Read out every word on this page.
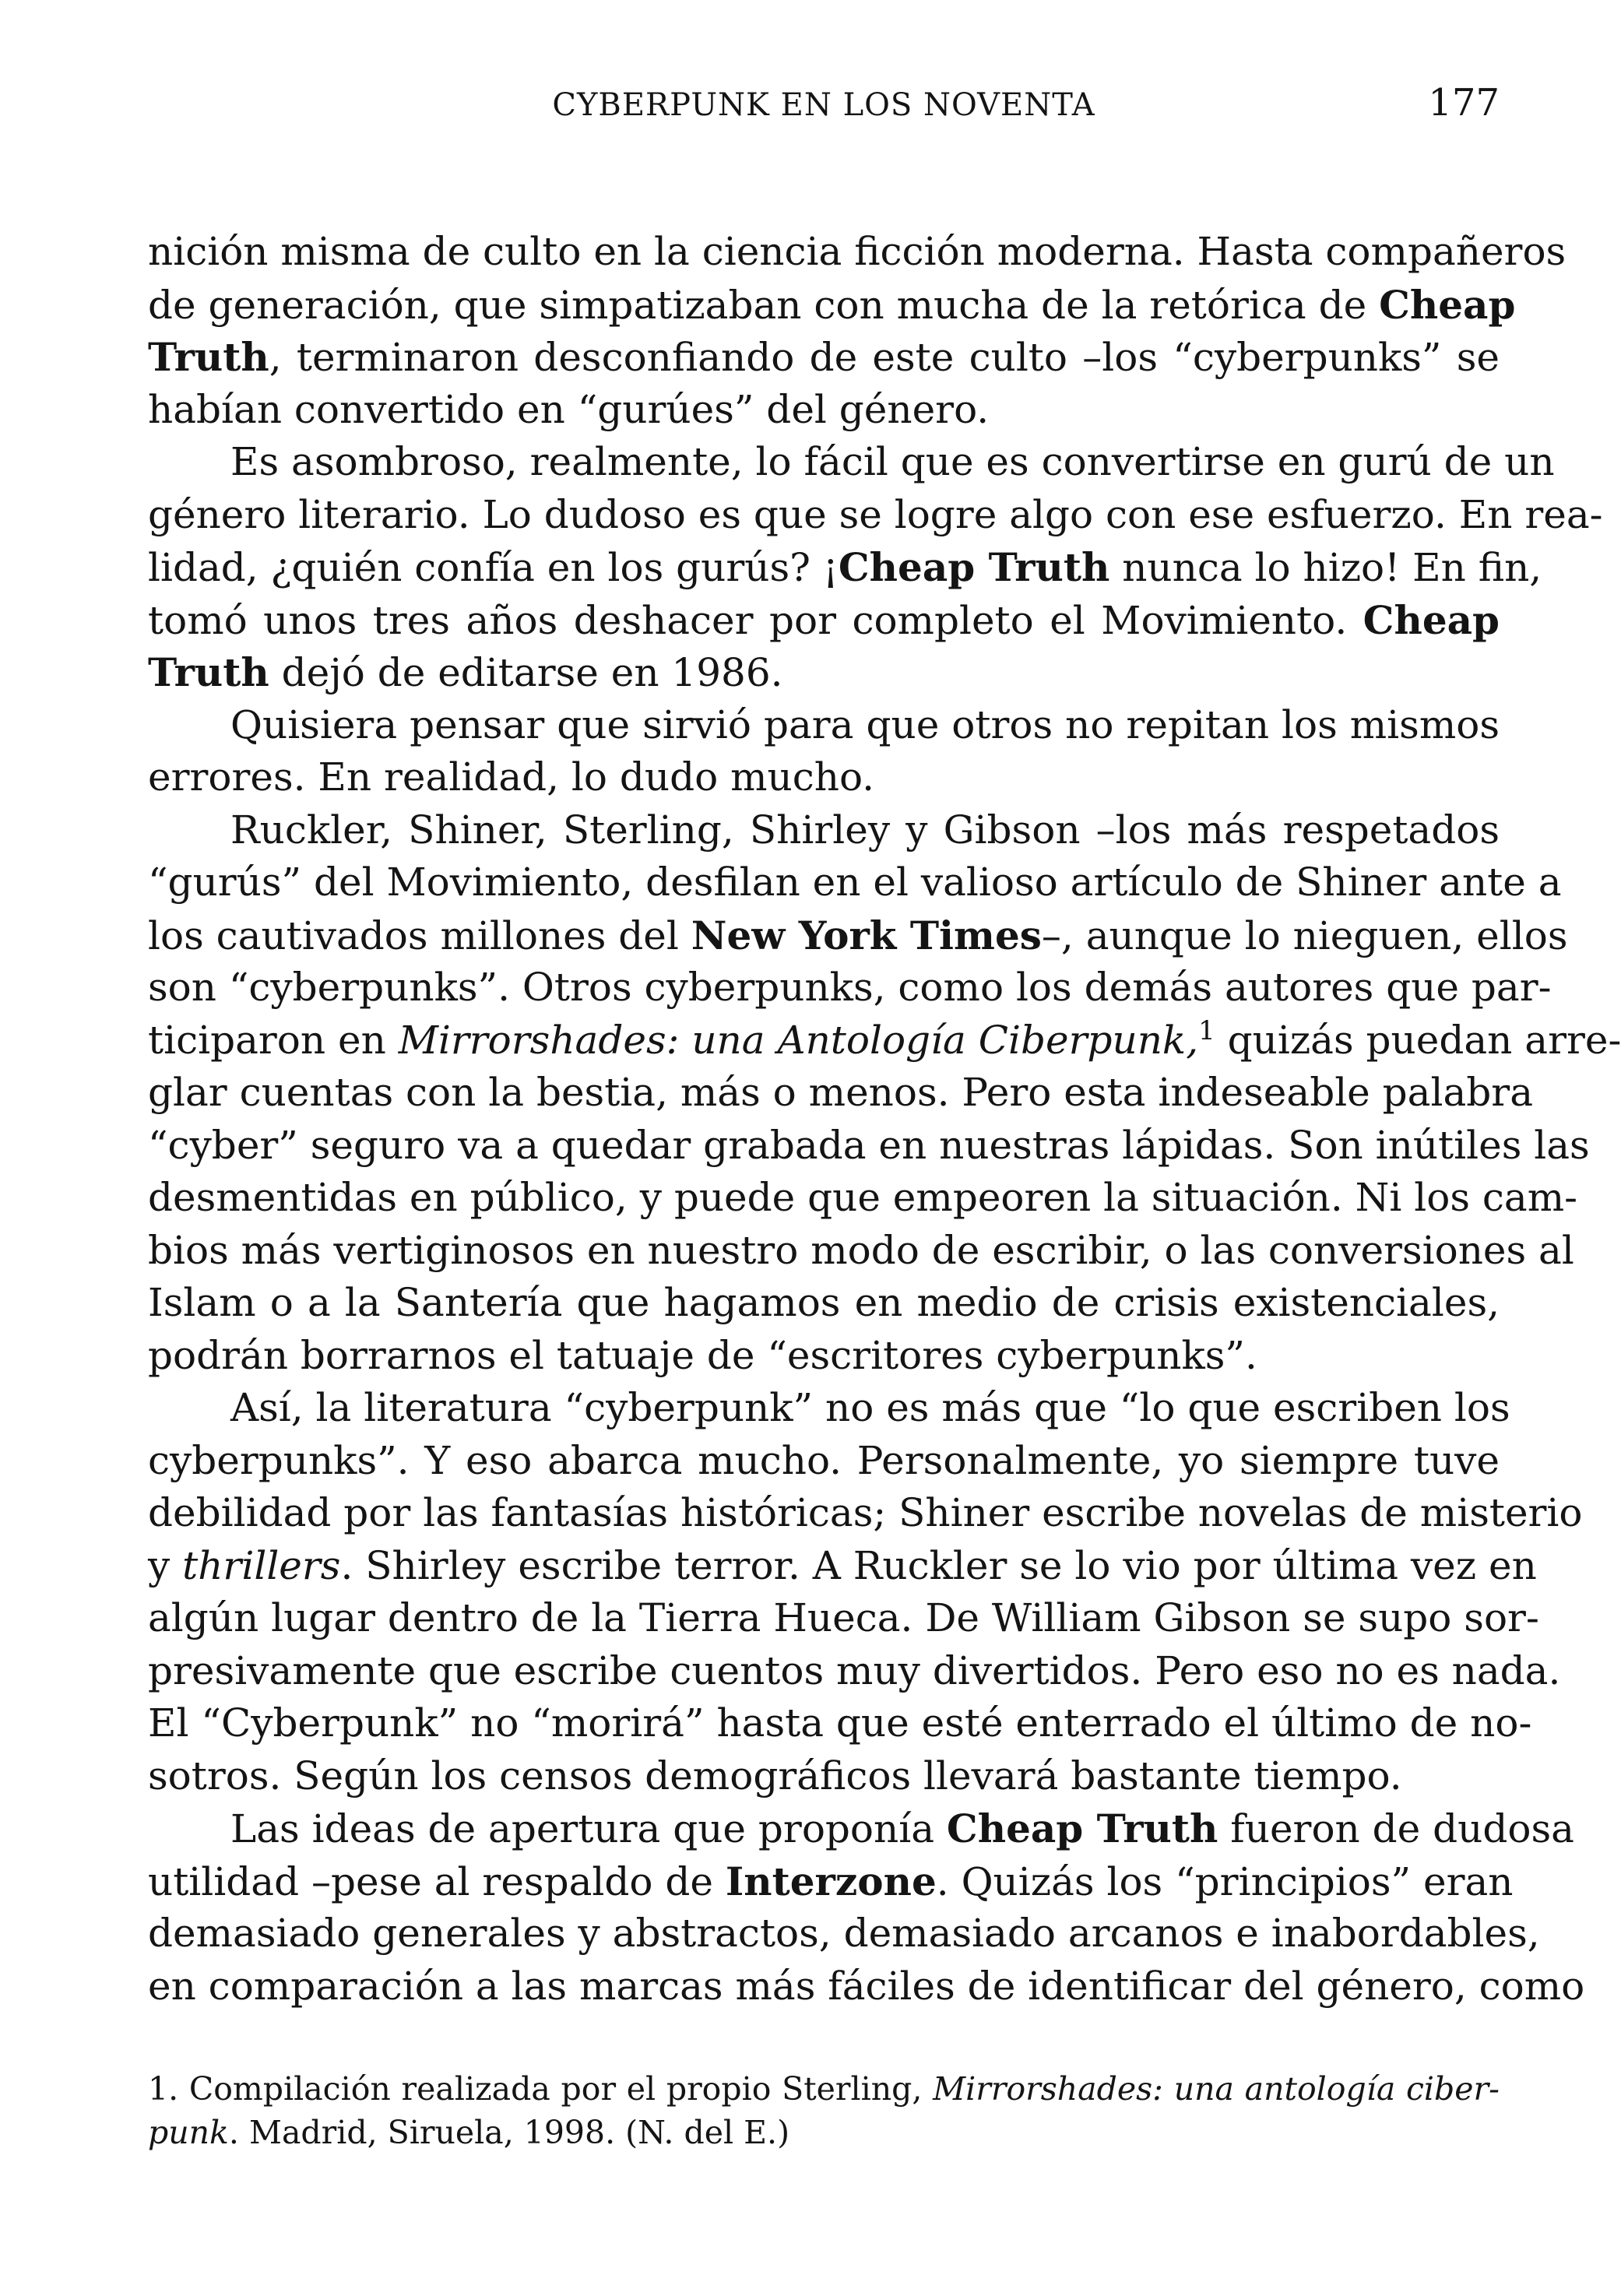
CYBERPUNK EN LOS NOVENTA	177
nición misma de culto en la ciencia ficción moderna. Hasta compañeros
de generación, que simpatizaban con mucha de la retórica de Cheap
Truth, terminaron desconfiando de este culto –los “cyberpunks” se
habían convertido en “gurúes” del género.
Es asombroso, realmente, lo fácil que es convertirse en gurú de un
género literario. Lo dudoso es que se logre algo con ese esfuerzo. En rea-
lidad, ¿quién confía en los gurús? ¡Cheap Truth nunca lo hizo! En fin,
tomó unos tres años deshacer por completo el Movimiento. Cheap
Truth dejó de editarse en 1986.
Quisiera pensar que sirvió para que otros no repitan los mismos
errores. En realidad, lo dudo mucho.
Ruckler, Shiner, Sterling, Shirley y Gibson –los más respetados
“gurús” del Movimiento, desfilan en el valioso artículo de Shiner ante a
los cautivados millones del New York Times–, aunque lo nieguen, ellos
son “cyberpunks”. Otros cyberpunks, como los demás autores que par-
ticiparon en Mirrorshades: una Antología Ciberpunk,$^1$ quizás puedan arre-
glar cuentas con la bestia, más o menos. Pero esta indeseable palabra
“cyber” seguro va a quedar grabada en nuestras lápidas. Son inútiles las
desmentidas en público, y puede que empeoren la situación. Ni los cam-
bios más vertiginosos en nuestro modo de escribir, o las conversiones al
Islam o a la Santería que hagamos en medio de crisis existenciales,
podrán borrarnos el tatuaje de “escritores cyberpunks”.
Así, la literatura “cyberpunk” no es más que “lo que escriben los
cyberpunks”. Y eso abarca mucho. Personalmente, yo siempre tuve
debilidad por las fantasías históricas; Shiner escribe novelas de misterio
y thrillers. Shirley escribe terror. A Ruckler se lo vio por última vez en
algún lugar dentro de la Tierra Hueca. De William Gibson se supo sor-
presivamente que escribe cuentos muy divertidos. Pero eso no es nada.
El “Cyberpunk” no “morirá” hasta que esté enterrado el último de no-
sotros. Según los censos demográficos llevará bastante tiempo.
Las ideas de apertura que proponía Cheap Truth fueron de dudosa
utilidad –pese al respaldo de Interzone. Quizás los “principios” eran
demasiado generales y abstractos, demasiado arcanos e inabordables,
en comparación a las marcas más fáciles de identificar del género, como
1. Compilación realizada por el propio Sterling, Mirrorshades: una antología ciber-
punk. Madrid, Siruela, 1998. (N. del E.)
